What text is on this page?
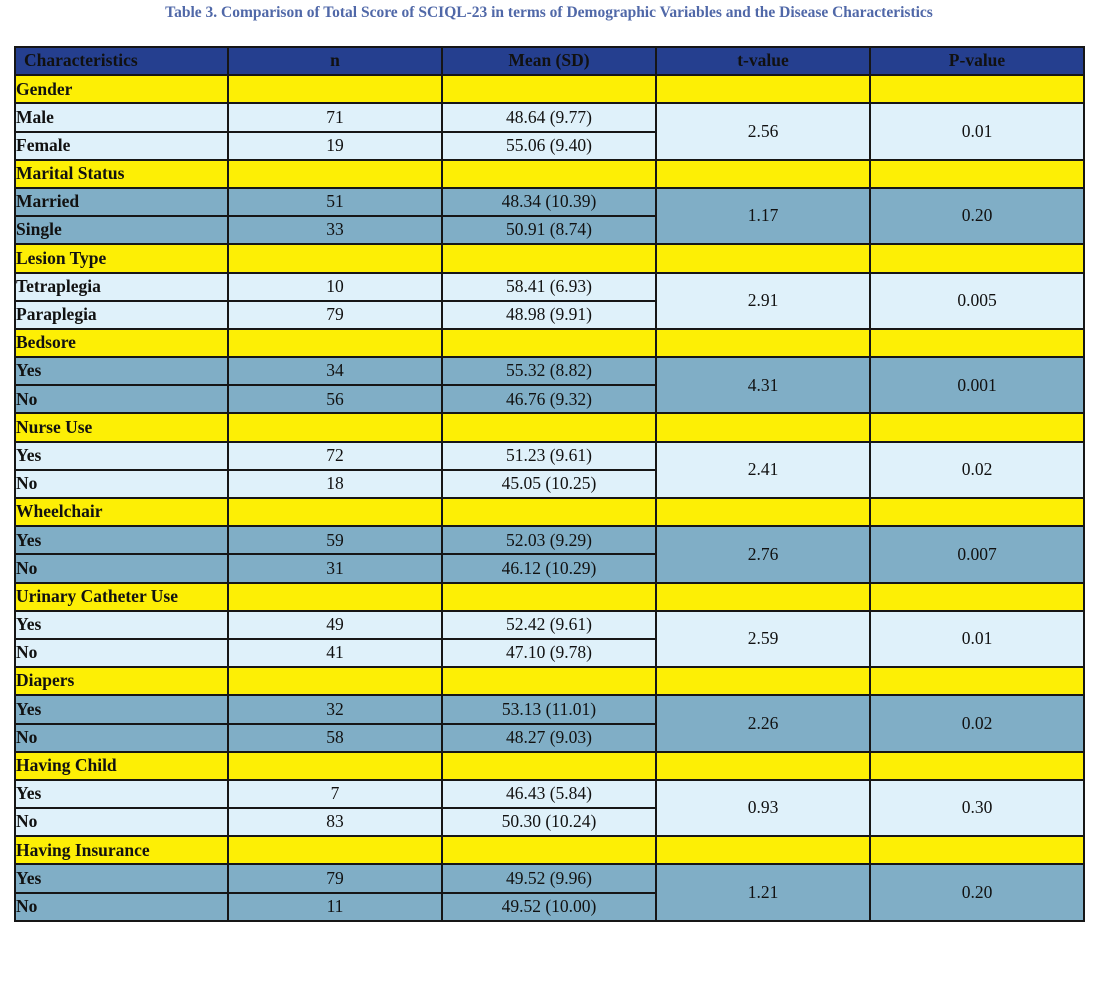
Table 3. Comparison of Total Score of SCIQL-23 in terms of Demographic Variables and the Disease Characteristics
Characteristics	n	Mean (SD)	t-value	P-value
Gender				
Male	71	48.64 (9.77)	2.56	0.01
Female	19	55.06 (9.40)		
Marital Status				
Married	51	48.34 (10.39)	1.17	0.20
Single	33	50.91 (8.74)		
Lesion Type				
Tetraplegia	10	58.41 (6.93)	2.91	0.005
Paraplegia	79	48.98 (9.91)		
Bedsore				
Yes	34	55.32 (8.82)	4.31	0.001
No	56	46.76 (9.32)		
Nurse Use				
Yes	72	51.23 (9.61)	2.41	0.02
No	18	45.05 (10.25)		
Wheelchair				
Yes	59	52.03 (9.29)	2.76	0.007
No	31	46.12 (10.29)		
Urinary Catheter Use				
Yes	49	52.42 (9.61)	2.59	0.01
No	41	47.10 (9.78)		
Diapers				
Yes	32	53.13 (11.01)	2.26	0.02
No	58	48.27 (9.03)		
Having Child				
Yes	7	46.43 (5.84)	0.93	0.30
No	83	50.30 (10.24)		
Having Insurance				
Yes	79	49.52 (9.96)	1.21	0.20
No	11	49.52 (10.00)		
